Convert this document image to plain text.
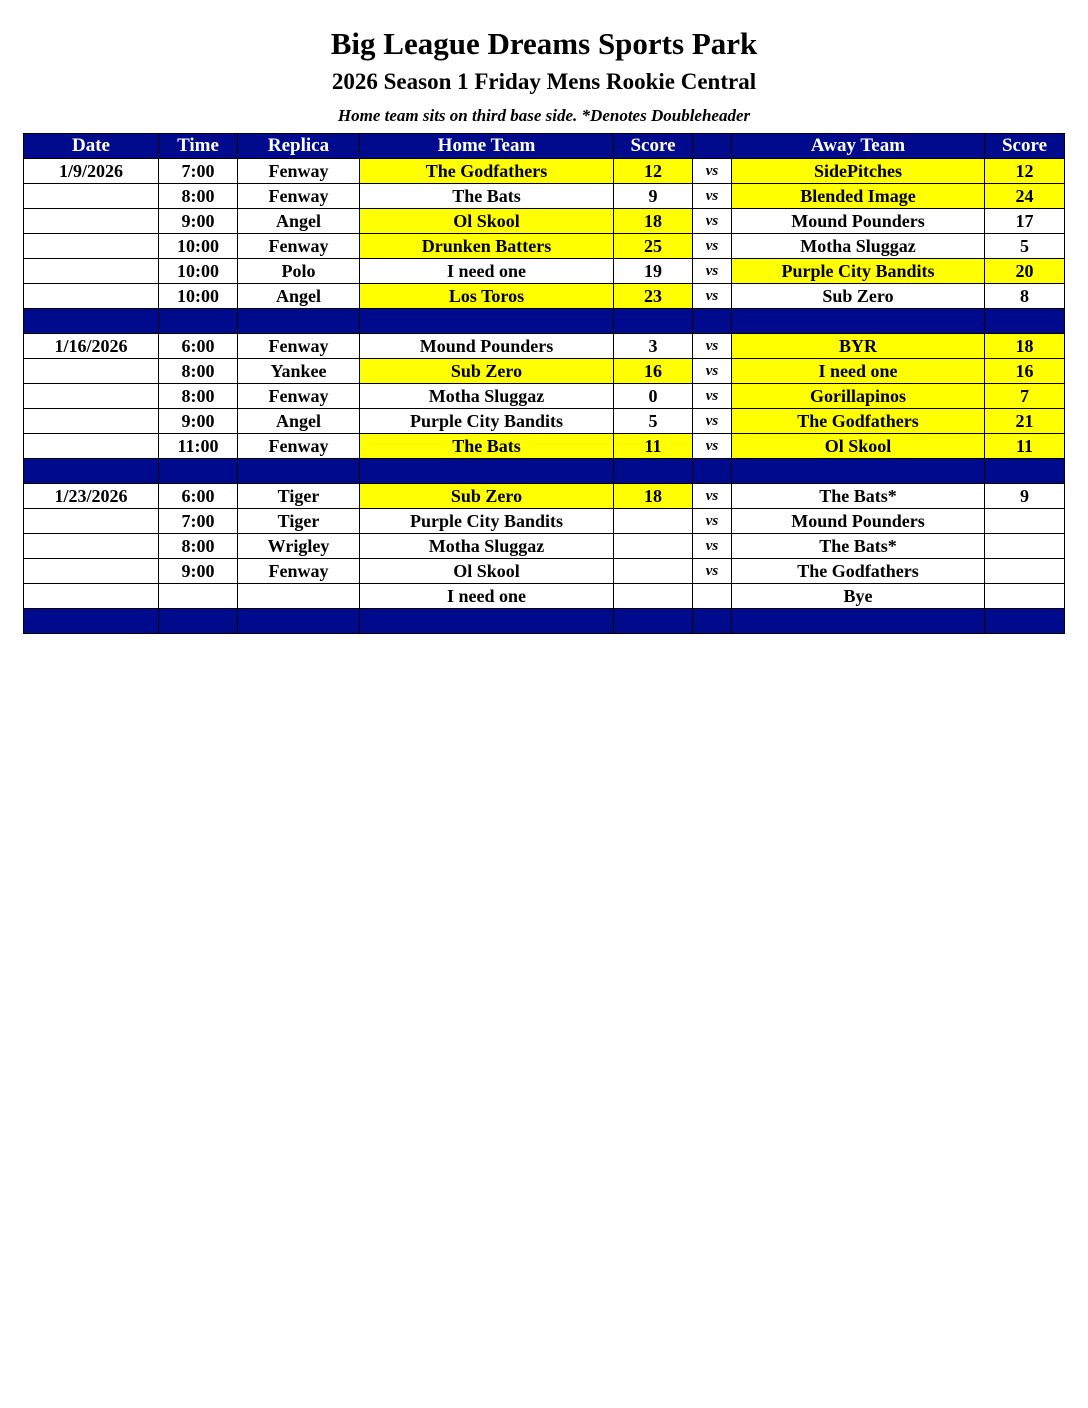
Big League Dreams Sports Park
2026 Season 1 Friday Mens Rookie Central
Home team sits on third base side. *Denotes Doubleheader
Date	Time	Replica	Home Team	Score		Away Team	Score
1/9/2026	7:00	Fenway	The Godfathers	12	vs	SidePitches	12
	8:00	Fenway	The Bats	9	vs	Blended Image	24
	9:00	Angel	Ol Skool	18	vs	Mound Pounders	17
	10:00	Fenway	Drunken Batters	25	vs	Motha Sluggaz	5
	10:00	Polo	I need one	19	vs	Purple City Bandits	20
	10:00	Angel	Los Toros	23	vs	Sub Zero	8

1/16/2026	6:00	Fenway	Mound Pounders	3	vs	BYR	18
	8:00	Yankee	Sub Zero	16	vs	I need one	16
	8:00	Fenway	Motha Sluggaz	0	vs	Gorillapinos	7
	9:00	Angel	Purple City Bandits	5	vs	The Godfathers	21
	11:00	Fenway	The Bats	11	vs	Ol Skool	11

1/23/2026	6:00	Tiger	Sub Zero	18	vs	The Bats*	9
	7:00	Tiger	Purple City Bandits		vs	Mound Pounders	
	8:00	Wrigley	Motha Sluggaz		vs	The Bats*	
	9:00	Fenway	Ol Skool		vs	The Godfathers	
			I need one			Bye	
